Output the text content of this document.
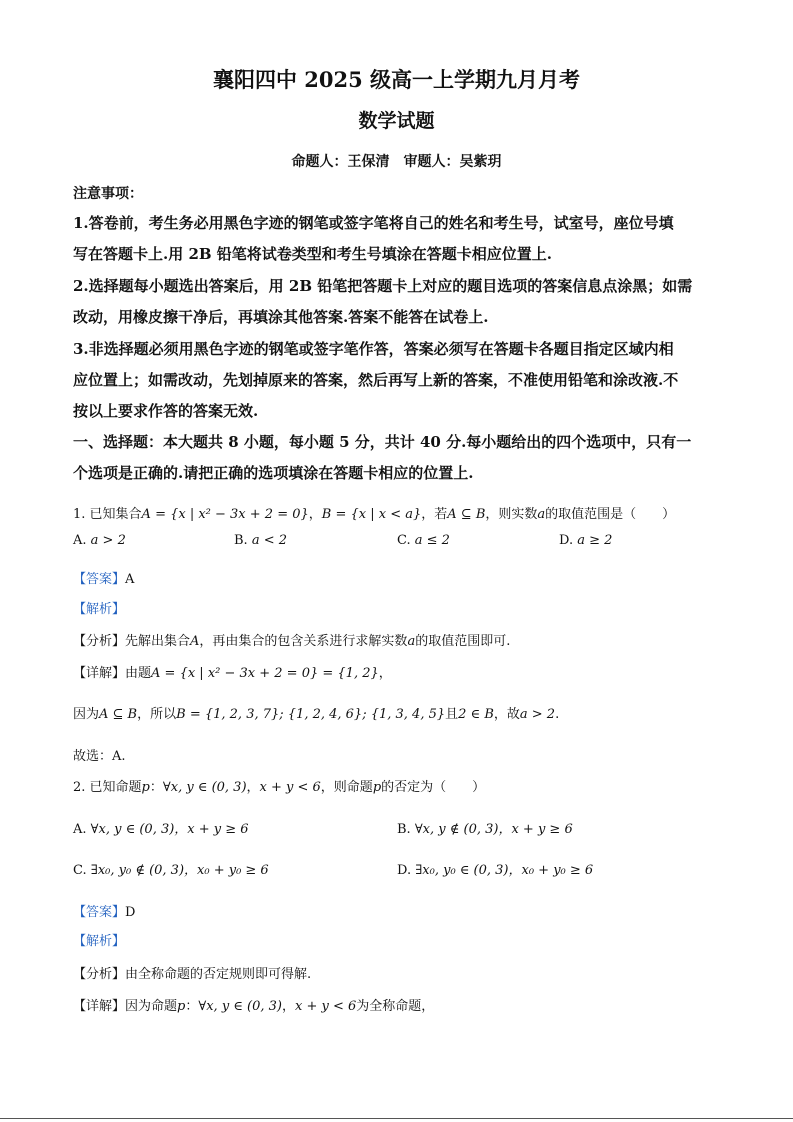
襄阳四中 2025 级高一上学期九月月考
数学试题
命题人：王保清　审题人：吴紫玥
注意事项：
1.答卷前，考生务必用黑色字迹的钢笔或签字笔将自己的姓名和考生号，试室号，座位号填
写在答题卡上.用 2B 铅笔将试卷类型和考生号填涂在答题卡相应位置上.
2.选择题每小题选出答案后，用 2B 铅笔把答题卡上对应的题目选项的答案信息点涂黑；如需
改动，用橡皮擦干净后，再填涂其他答案.答案不能答在试卷上.
3.非选择题必须用黑色字迹的钢笔或签字笔作答，答案必须写在答题卡各题目指定区域内相
应位置上；如需改动，先划掉原来的答案，然后再写上新的答案，不准使用铅笔和涂改液.不
按以上要求作答的答案无效.
一、选择题：本大题共 8 小题，每小题 5 分，共计 40 分.每小题给出的四个选项中，只有一
个选项是正确的.请把正确的选项填涂在答题卡相应的位置上.
1. 已知集合A = {x | x² − 3x + 2 = 0}，B = {x | x < a}，若A ⊆ B，则实数a的取值范围是（　　）
A. a > 2	B. a < 2	C. a ≤ 2	D. a ≥ 2
【答案】A
【解析】
【分析】先解出集合A，再由集合的包含关系进行求解实数a的取值范围即可.
【详解】由题A = {x | x² − 3x + 2 = 0} = {1, 2}，
因为A ⊆ B，所以B = {1, 2, 3, 7}; {1, 2, 4, 6}; {1, 3, 4, 5}且2 ∈ B，故a > 2.
故选：A.
2. 已知命题p：∀x, y ∈ (0, 3)，x + y < 6，则命题p的否定为（　　）
A. ∀x, y ∈ (0, 3)，x + y ≥ 6	B. ∀x, y ∉ (0, 3)，x + y ≥ 6
C. ∃x₀, y₀ ∉ (0, 3)，x₀ + y₀ ≥ 6	D. ∃x₀, y₀ ∈ (0, 3)，x₀ + y₀ ≥ 6
【答案】D
【解析】
【分析】由全称命题的否定规则即可得解.
【详解】因为命题p：∀x, y ∈ (0, 3)，x + y < 6为全称命题，
